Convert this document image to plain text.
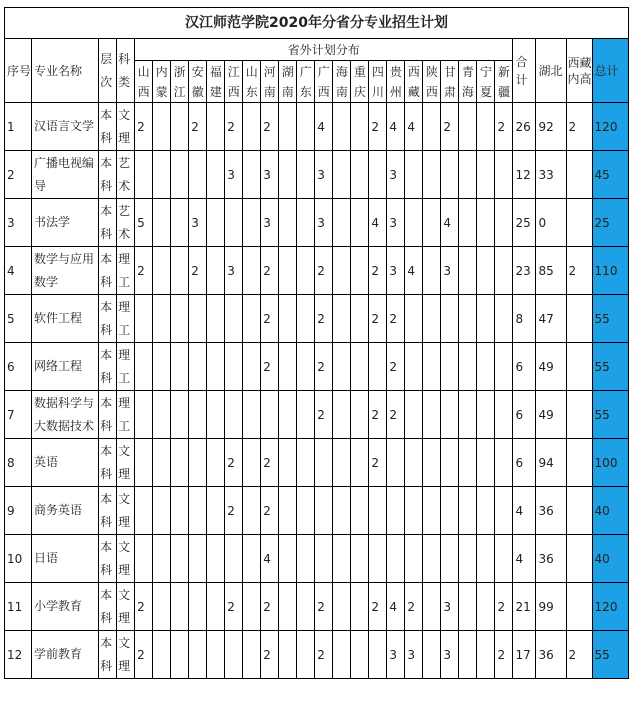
汉江师范学院2020年分省分专业招生计划																												
序号	专业名称	层次	科类	省外计划分布																					合计	湖北	西藏内高	总计
				山西	内蒙	浙江	安徽	福建	江西	山东	河南	湖南	广东	广西	海南	重庆	四川	贵州	西藏	陕西	甘肃	青海	宁夏	新疆				
1	汉语言文学	本科	文理	2			2		2		2			4			2	4	4		2			2	26	92	2	120
2	广播电视编导	本科	艺术						3		3			3				3							12	33		45
3	书法学	本科	艺术	5			3				3			3			4	3			4				25	0		25
4	数学与应用数学	本科	理工	2			2		3		2			2			2	3	4		3				23	85	2	110
5	软件工程	本科	理工								2			2			2	2							8	47		55
6	网络工程	本科	理工								2			2				2							6	49		55
7	数据科学与大数据技术	本科	理工											2			2	2							6	49		55
8	英语	本科	文理						2		2						2								6	94		100
9	商务英语	本科	文理						2		2														4	36		40
10	日语	本科	文理								4														4	36		40
11	小学教育	本科	文理	2					2		2			2			2	4	2		3			2	21	99		120
12	学前教育	本科	文理	2							2			2				3	3		3			2	17	36	2	55
